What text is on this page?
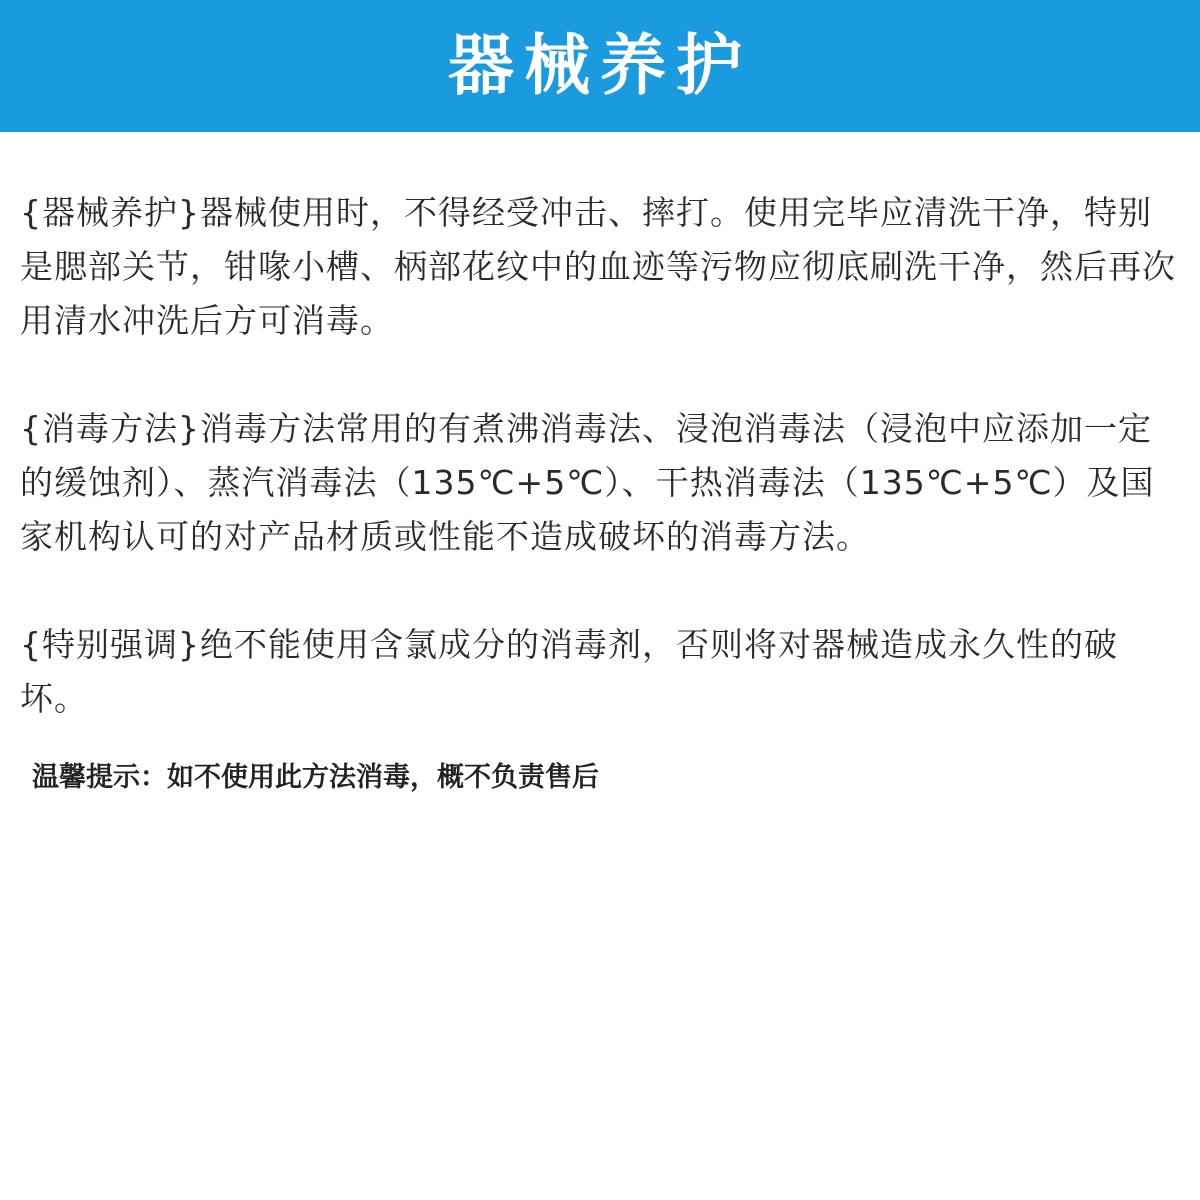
器械养护

{器械养护}器械使用时，不得经受冲击、摔打。使用完毕应清洗干净，特别是腮部关节，钳喙小槽、柄部花纹中的血迹等污物应彻底刷洗干净，然后再次用清水冲洗后方可消毒。

{消毒方法}消毒方法常用的有煮沸消毒法、浸泡消毒法（浸泡中应添加一定的缓蚀剂）、蒸汽消毒法（135℃+5℃）、干热消毒法（135℃+5℃）及国家机构认可的对产品材质或性能不造成破坏的消毒方法。

{特别强调}绝不能使用含氯成分的消毒剂，否则将对器械造成永久性的破坏。

温馨提示：如不使用此方法消毒，概不负责售后
